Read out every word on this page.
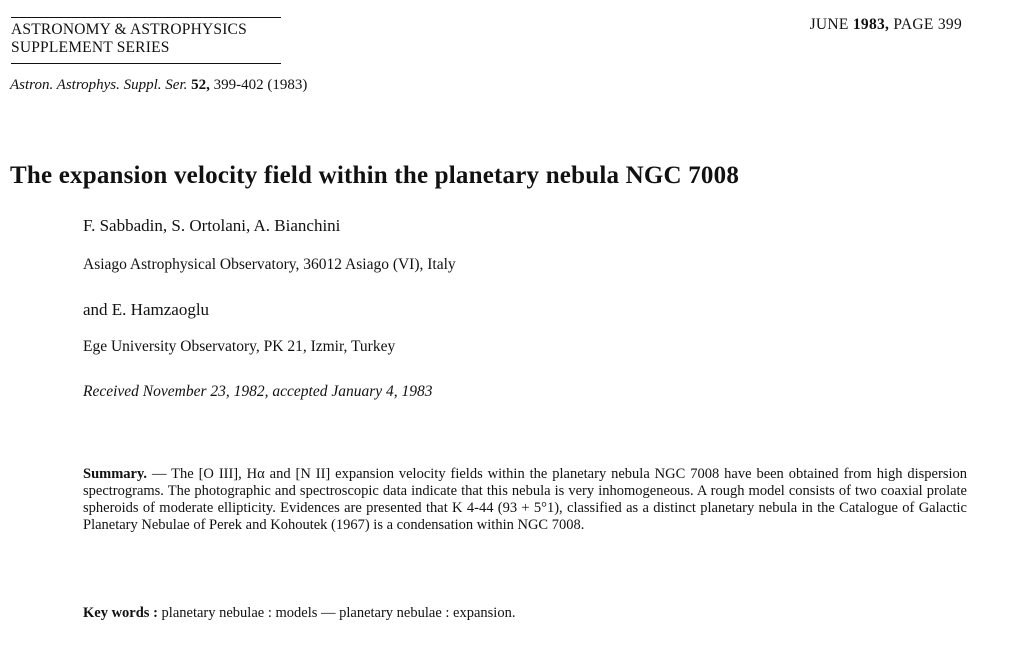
ASTRONOMY & ASTROPHYSICS
SUPPLEMENT SERIES
JUNE 1983, PAGE 399
Astron. Astrophys. Suppl. Ser. 52, 399-402 (1983)
The expansion velocity field within the planetary nebula NGC 7008
F. Sabbadin, S. Ortolani, A. Bianchini
Asiago Astrophysical Observatory, 36012 Asiago (VI), Italy
and E. Hamzaoglu
Ege University Observatory, PK 21, Izmir, Turkey
Received November 23, 1982, accepted January 4, 1983

Summary. — The [O III], Hα and [N II] expansion velocity fields within the planetary nebula NGC 7008 have been obtained from high dispersion spectrograms. The photographic and spectroscopic data indicate that this nebula is very inhomogeneous. A rough model consists of two coaxial prolate spheroids of moderate ellipticity. Evidences are presented that K 4-44 (93 + 5°1), classified as a distinct planetary nebula in the Catalogue of Galactic Planetary Nebulae of Perek and Kohoutek (1967) is a condensation within NGC 7008.

Key words : planetary nebulae : models — planetary nebulae : expansion.
